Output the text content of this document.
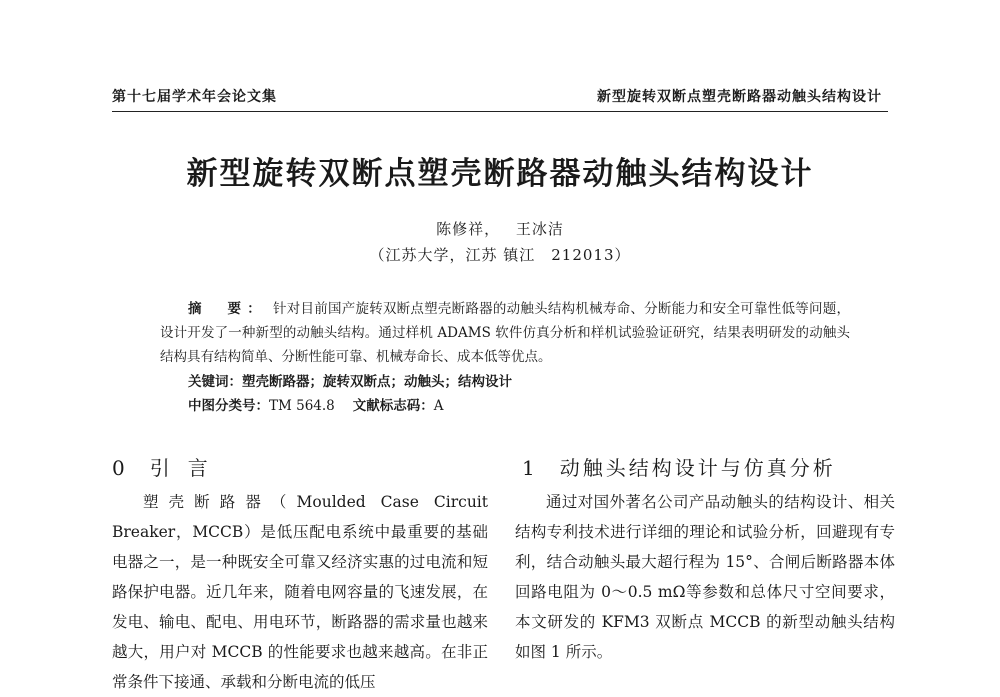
第十七届学术年会论文集	新型旋转双断点塑壳断路器动触头结构设计
新型旋转双断点塑壳断路器动触头结构设计
陈修祥， 王冰洁
（江苏大学，江苏 镇江　212013）
摘　要： 针对目前国产旋转双断点塑壳断路器的动触头结构机械寿命、分断能力和安全可靠性低等问题，设计开发了一种新型的动触头结构。通过样机 ADAMS 软件仿真分析和样机试验验证研究，结果表明研发的动触头结构具有结构简单、分断性能可靠、机械寿命长、成本低等优点。
关键词：塑壳断路器；旋转双断点；动触头；结构设计
中图分类号：TM 564.8 文献标志码：A
0 引言	1 动触头结构设计与仿真分析

塑壳断路器（Moulded Case Circuit Breaker，MCCB）是低压配电系统中最重要的基础电器之一，是一种既安全可靠又经济实惠的过电流和短路保护电器。近几年来，随着电网容量的飞速发展，在发电、输电、配电、用电环节，断路器的需求量也越来越大，用户对 MCCB 的性能要求也越来越高。在非正常条件下接通、承载和分断电流的低压

通过对国外著名公司产品动触头的结构设计、相关结构专利技术进行详细的理论和试验分析，回避现有专利，结合动触头最大超行程为 15°、合闸后断路器本体回路电阻为 0～0.5 mΩ等参数和总体尺寸空间要求，本文研发的 KFM3 双断点 MCCB 的新型动触头结构如图 1 所示。
